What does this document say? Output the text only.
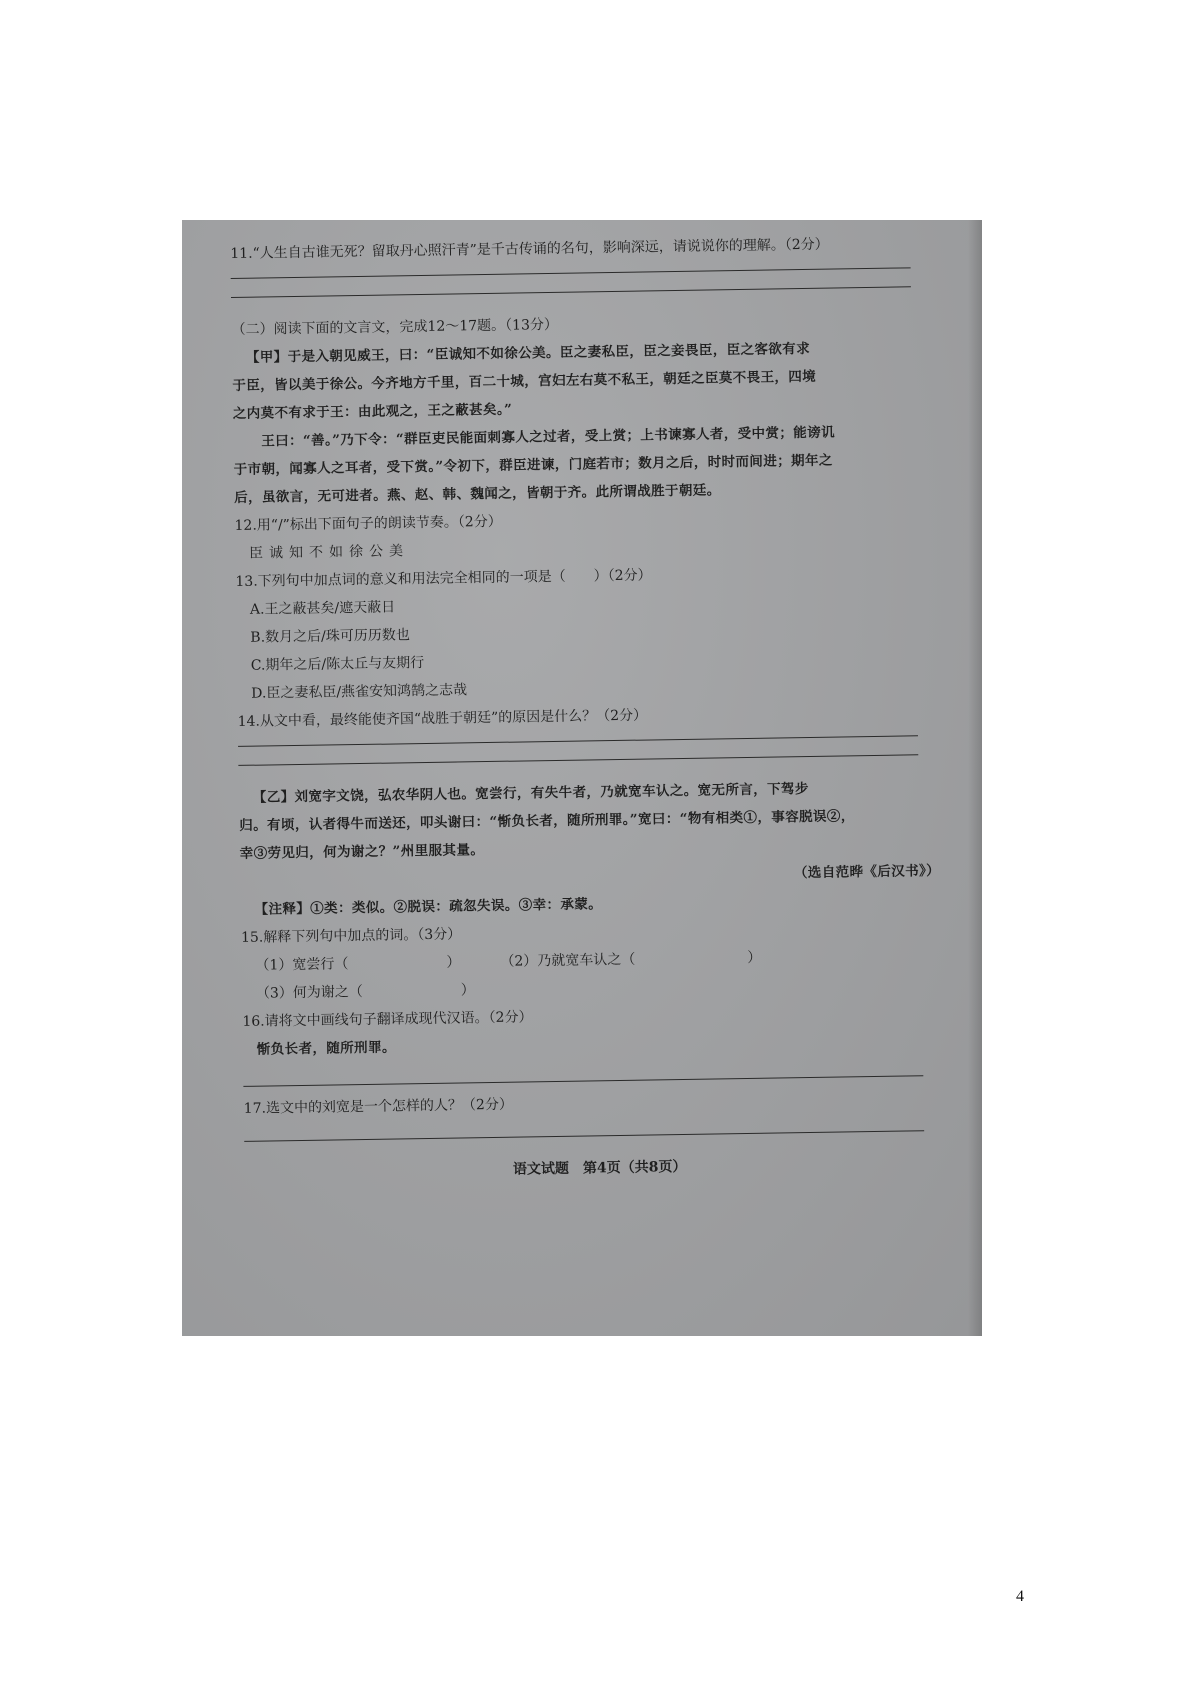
11.“人生自古谁无死？留取丹心照汗青”是千古传诵的名句，影响深远，请说说你的理解。（2分）
（二）阅读下面的文言文，完成12～17题。（13分）
【甲】于是入朝见威王，曰：“臣诚知不如徐公美。臣之妻私臣，臣之妾畏臣，臣之客欲有求
于臣，皆以美于徐公。今齐地方千里，百二十城，宫妇左右莫不私王，朝廷之臣莫不畏王，四境
之内莫不有求于王：由此观之，王之蔽甚矣。”
王曰：“善。”乃下令：“群臣吏民能面刺寡人之过者，受上赏；上书谏寡人者，受中赏；能谤讥
于市朝，闻寡人之耳者，受下赏。”令初下，群臣进谏，门庭若市；数月之后，时时而间进；期年之
后，虽欲言，无可进者。燕、赵、韩、魏闻之，皆朝于齐。此所谓战胜于朝廷。
12.用“/”标出下面句子的朗读节奏。（2分）
臣诚知不如徐公美
13.下列句中加点词的意义和用法完全相同的一项是（　　）（2分）
A.王之蔽甚矣/遮天蔽日
B.数月之后/珠可历历数也
C.期年之后/陈太丘与友期行
D.臣之妻私臣/燕雀安知鸿鹄之志哉
14.从文中看，最终能使齐国“战胜于朝廷”的原因是什么？（2分）
【乙】刘宽字文饶，弘农华阴人也。宽尝行，有失牛者，乃就宽车认之。宽无所言，下驾步
归。有顷，认者得牛而送还，叩头谢曰：“惭负长者，随所刑罪。”宽曰：“物有相类①，事容脱误②，
幸③劳见归，何为谢之？”州里服其量。
（选自范晔《后汉书》）
【注释】①类：类似。②脱误：疏忽失误。③幸：承蒙。
15.解释下列句中加点的词。（3分）
（1）宽尝行（　　　　　　　）	（2）乃就宽车认之（　　　　　　　　）
（3）何为谢之（　　　　　　　）
16.请将文中画线句子翻译成现代汉语。（2分）
惭负长者，随所刑罪。
17.选文中的刘宽是一个怎样的人？（2分）
语文试题　第4页（共8页）
4
